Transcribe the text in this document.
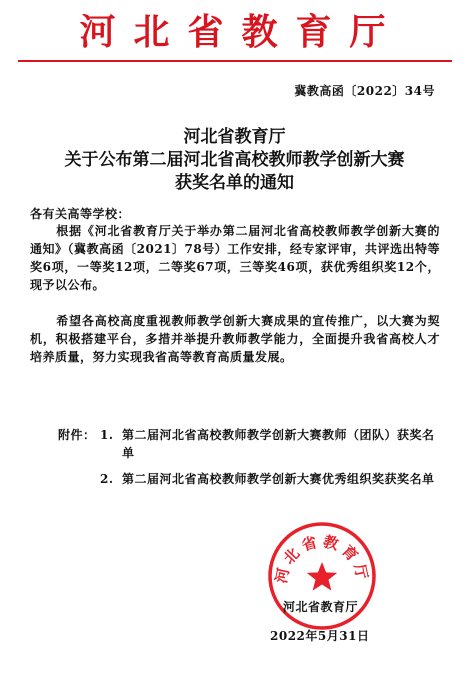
河北省教育厅
冀教高函〔2022〕34号
河北省教育厅
关于公布第二届河北省高校教师教学创新大赛
获奖名单的通知
各有关高等学校：
根据《河北省教育厅关于举办第二届河北省高校教师教学创新大赛的通知》（冀教高函〔2021〕78号）工作安排，经专家评审，共评选出特等奖6项，一等奖12项，二等奖67项，三等奖46项，获优秀组织奖12个，现予以公布。
希望各高校高度重视教师教学创新大赛成果的宣传推广，以大赛为契机，积极搭建平台，多措并举提升教师教学能力，全面提升我省高校人才培养质量，努力实现我省高等教育高质量发展。
附件： 1. 第二届河北省高校教师教学创新大赛教师（团队）获奖名单
2. 第二届河北省高校教师教学创新大赛优秀组织奖获奖名单
河北省教育厅
河北省教育厅
2022年5月31日
